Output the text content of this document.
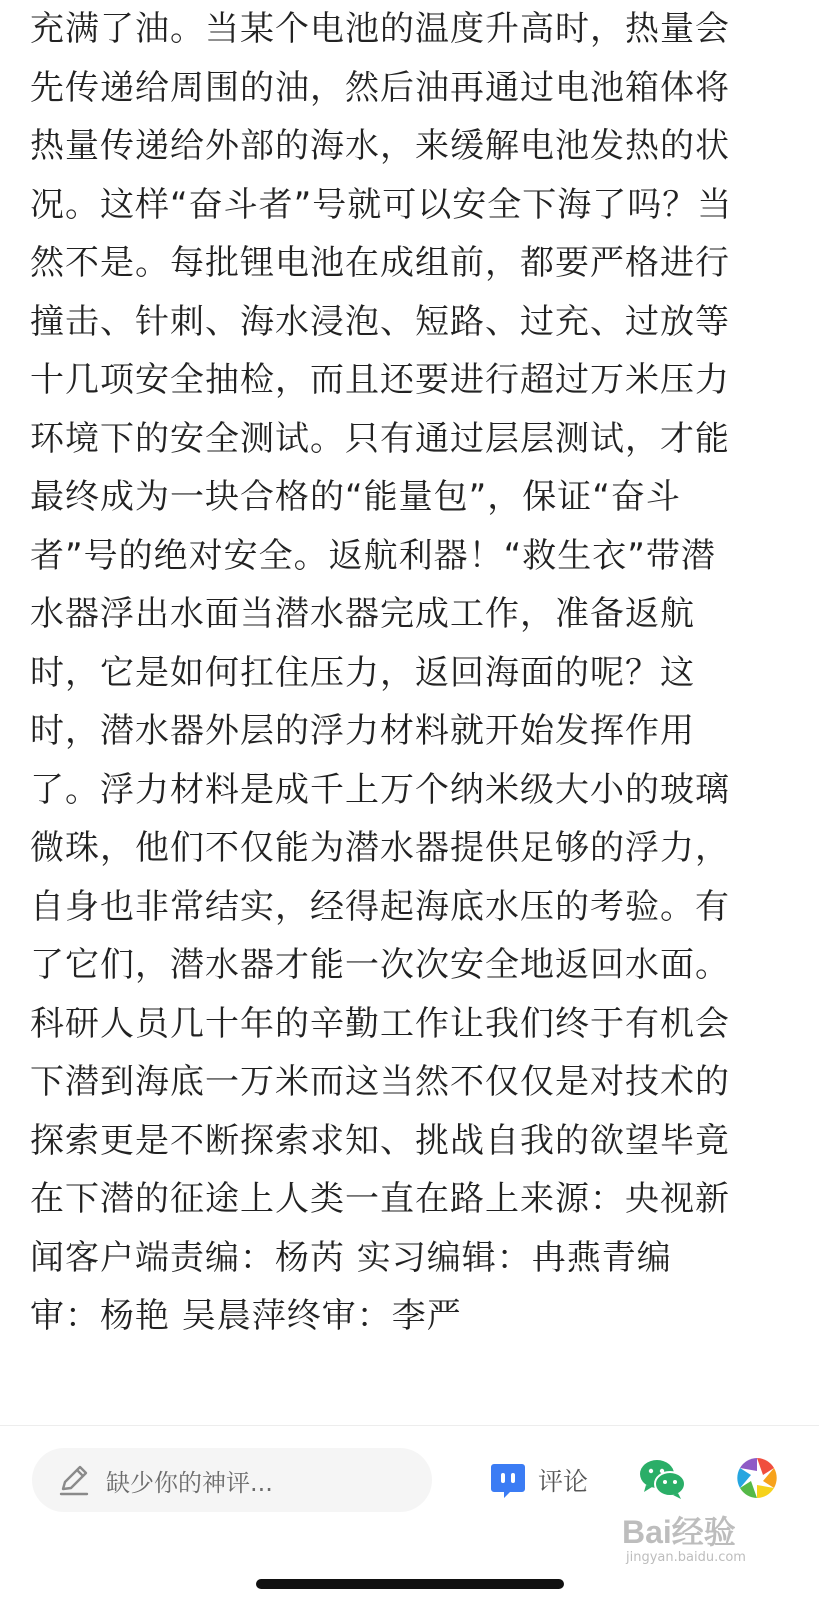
充满了油。当某个电池的温度升高时，热量会
先传递给周围的油，然后油再通过电池箱体将
热量传递给外部的海水，来缓解电池发热的状
况。这样“奋斗者”号就可以安全下海了吗？当
然不是。每批锂电池在成组前，都要严格进行
撞击、针刺、海水浸泡、短路、过充、过放等
十几项安全抽检，而且还要进行超过万米压力
环境下的安全测试。只有通过层层测试，才能
最终成为一块合格的“能量包”，保证“奋斗
者”号的绝对安全。返航利器！“救生衣”带潜
水器浮出水面当潜水器完成工作，准备返航
时，它是如何扛住压力，返回海面的呢？这
时，潜水器外层的浮力材料就开始发挥作用
了。浮力材料是成千上万个纳米级大小的玻璃
微珠，他们不仅能为潜水器提供足够的浮力，
自身也非常结实，经得起海底水压的考验。有
了它们，潜水器才能一次次安全地返回水面。
科研人员几十年的辛勤工作让我们终于有机会
下潜到海底一万米而这当然不仅仅是对技术的
探索更是不断探索求知、挑战自我的欲望毕竟
在下潜的征途上人类一直在路上来源：央视新
闻客户端责编：杨芮 实习编辑：冉燕青编
审：杨艳 吴晨萍终审：李严
缺少你的神评...	评论
Bai经验
jingyan.baidu.com
